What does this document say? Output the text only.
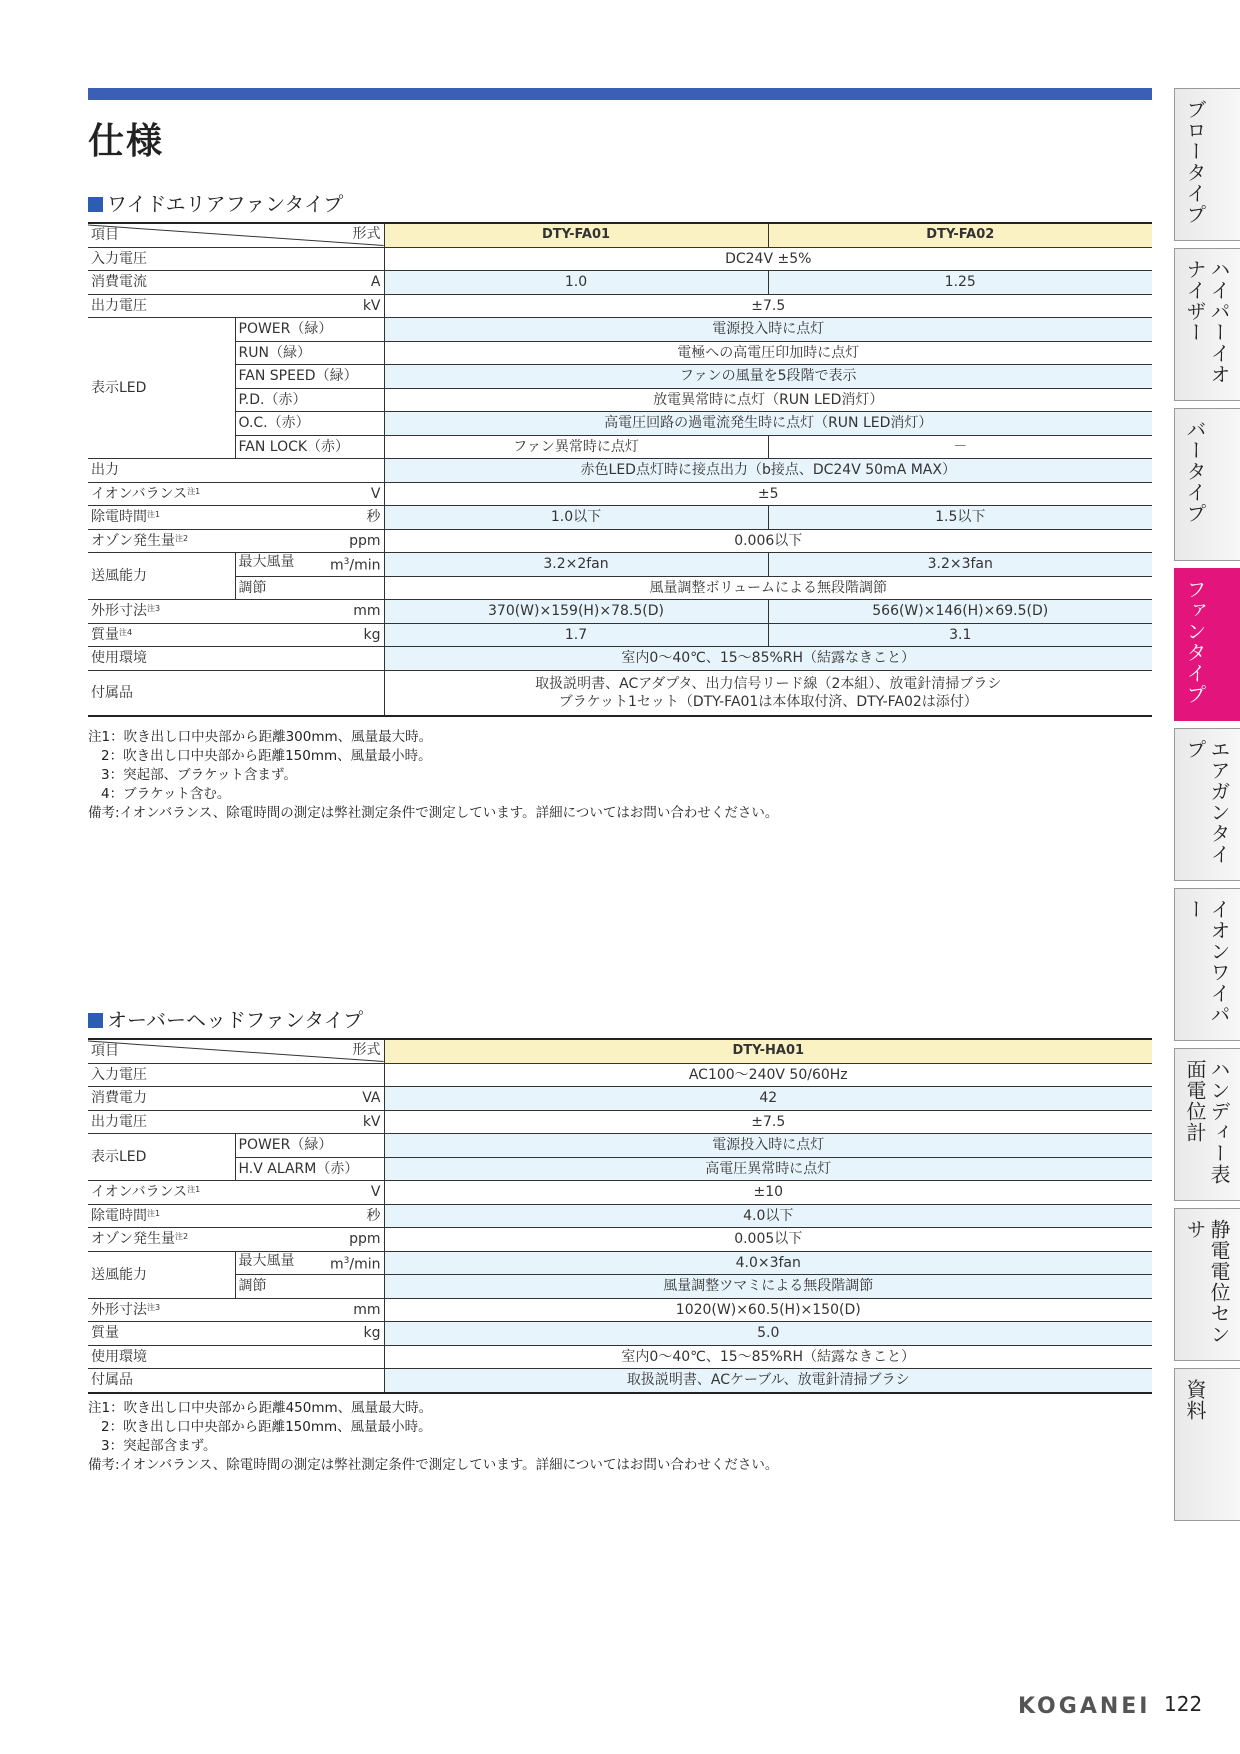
仕様
ワイドエリアファンタイプ
項目 形式		DTY-FA01	DTY-FA02
入力電圧		DC24V ±5%	
消費電流	A	1.0	1.25
出力電圧	kV	±7.5	
表示LED	POWER（緑）	電源投入時に点灯	
	RUN（緑）	電極への高電圧印加時に点灯	
	FAN SPEED（緑）	ファンの風量を5段階で表示	
	P.D.（赤）	放電異常時に点灯（RUN LED消灯）	
	O.C.（赤）	高電圧回路の過電流発生時に点灯（RUN LED消灯）	
	FAN LOCK（赤）	ファン異常時に点灯	－
出力		赤色LED点灯時に接点出力（b接点、DC24V 50mA MAX）	
イオンバランス$^{注1}$	V	±5	
除電時間$^{注1}$	秒	1.0以下	1.5以下
オゾン発生量$^{注2}$	ppm	0.006以下	
送風能力	最大風量 $m^3/\min$	3.2×2fan	3.2×3fan
	調節	風量調整ボリュームによる無段階調節	
外形寸法$^{注3}$	mm	370(W)×159(H)×78.5(D)	566(W)×146(H)×69.5(D)
質量$^{注4}$	kg	1.7	3.1
使用環境		室内0～40℃、15～85%RH（結露なきこと）	
付属品		取扱説明書、ACアダプタ、出力信号リード線（2本組）、放電針清掃ブラシ
ブラケット1セット（DTY-FA01は本体取付済、DTY-FA02は添付）	
注1：吹き出し口中央部から距離300mm、風量最大時。
2：吹き出し口中央部から距離150mm、風量最小時。
3：突起部、ブラケット含まず。
4：ブラケット含む。
備考:イオンバランス、除電時間の測定は弊社測定条件で測定しています。詳細についてはお問い合わせください。
オーバーヘッドファンタイプ
項目 形式		DTY-HA01
入力電圧		AC100～240V 50/60Hz
消費電力	VA	42
出力電圧	kV	±7.5
表示LED	POWER（緑）	電源投入時に点灯
	H.V ALARM（赤）	高電圧異常時に点灯
イオンバランス$^{注1}$	V	±10
除電時間$^{注1}$	秒	4.0以下
オゾン発生量$^{注2}$	ppm	0.005以下
送風能力	最大風量 $m^3/\min$	4.0×3fan
	調節	風量調整ツマミによる無段階調節
外形寸法$^{注3}$	mm	1020(W)×60.5(H)×150(D)
質量	kg	5.0
使用環境		室内0～40℃、15～85%RH（結露なきこと）
付属品		取扱説明書、ACケーブル、放電針清掃ブラシ
注1：吹き出し口中央部から距離450mm、風量最大時。
2：吹き出し口中央部から距離150mm、風量最小時。
3：突起部含まず。
備考:イオンバランス、除電時間の測定は弊社測定条件で測定しています。詳細についてはお問い合わせください。
ブロータイプ
ハイパーイオナイザー
バータイプ
ファンタイプ
エアガンタイプ
イオンワイパー
ハンディー表面電位計
静電電位センサ
資料
KOGANEI 122
